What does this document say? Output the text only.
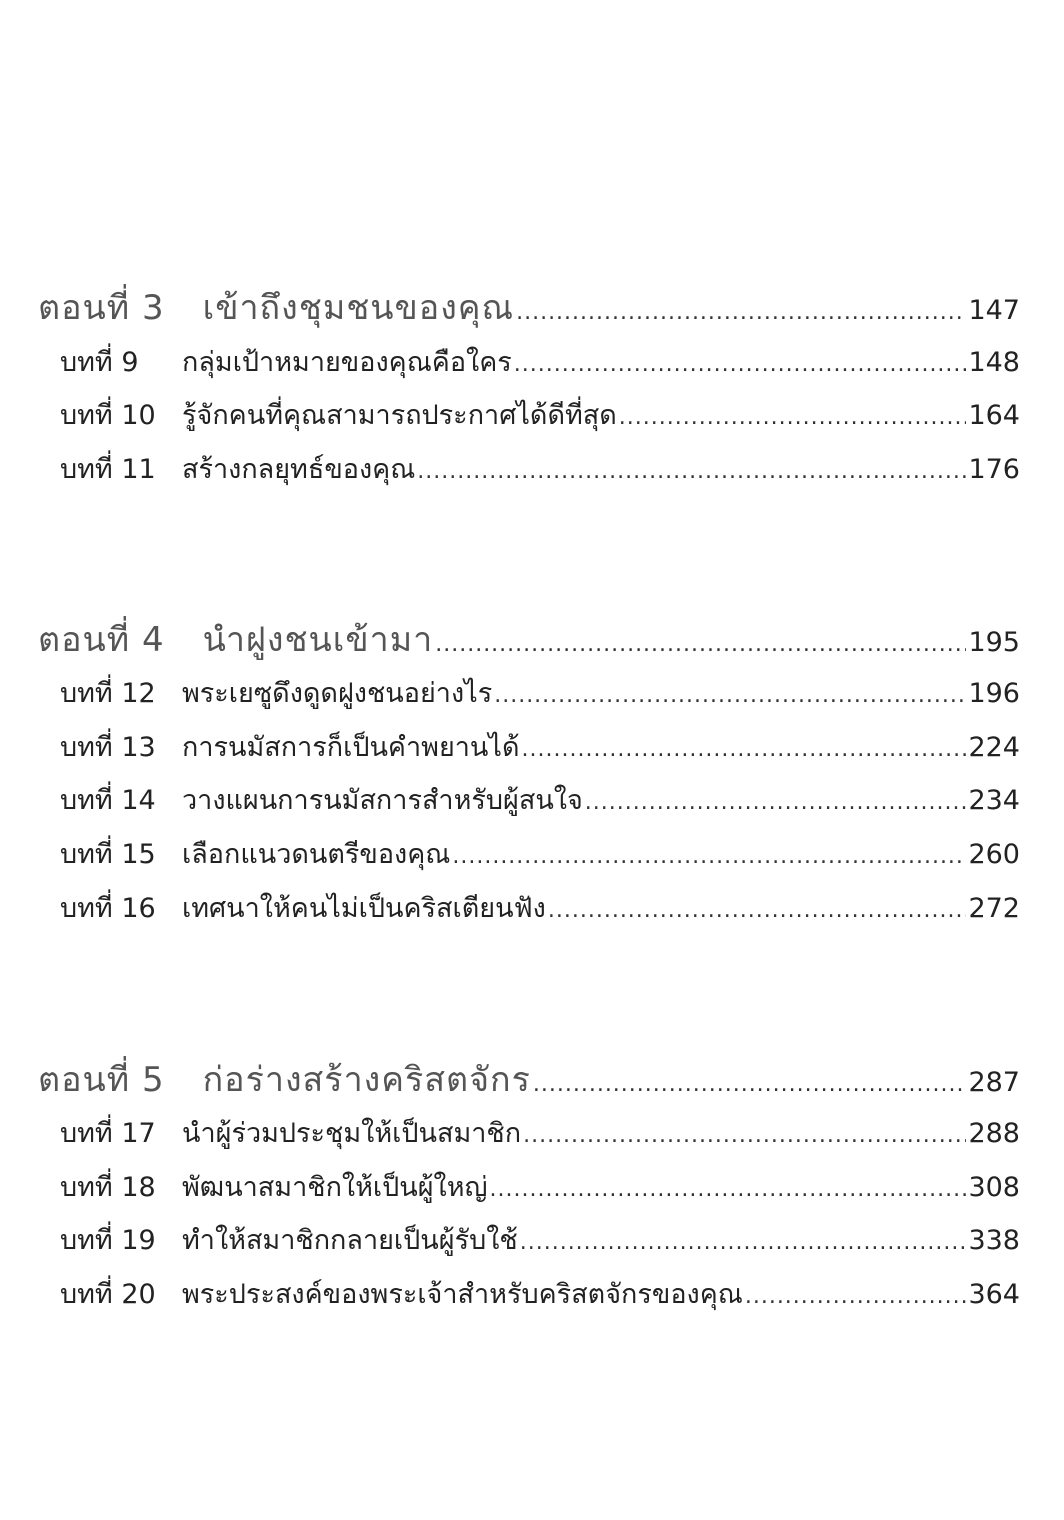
ตอนที่ 3 เข้าถึงชุมชนของคุณ .....	147
บทที่ 9	กลุ่มเป้าหมายของคุณคือใคร .....	148
บทที่ 10 รู้จักคนที่คุณสามารถประกาศได้ดีที่สุด .....	164
บทที่ 11 สร้างกลยุทธ์ของคุณ .....	176
ตอนที่ 4 นำฝูงชนเข้ามา .....	195
บทที่ 12 พระเยซูดึงดูดฝูงชนอย่างไร .....	196
บทที่ 13 การนมัสการก็เป็นคำพยานได้ .....	224
บทที่ 14 วางแผนการนมัสการสำหรับผู้สนใจ .....	234
บทที่ 15 เลือกแนวดนตรีของคุณ .....	260
บทที่ 16 เทศนาให้คนไม่เป็นคริสเตียนฟัง .....	272
ตอนที่ 5 ก่อร่างสร้างคริสตจักร .....	287
บทที่ 17 นำผู้ร่วมประชุมให้เป็นสมาชิก .....	288
บทที่ 18 พัฒนาสมาชิกให้เป็นผู้ใหญ่ .....	308
บทที่ 19 ทำให้สมาชิกกลายเป็นผู้รับใช้ .....	338
บทที่ 20 พระประสงค์ของพระเจ้าสำหรับคริสตจักรของคุณ .....	364
